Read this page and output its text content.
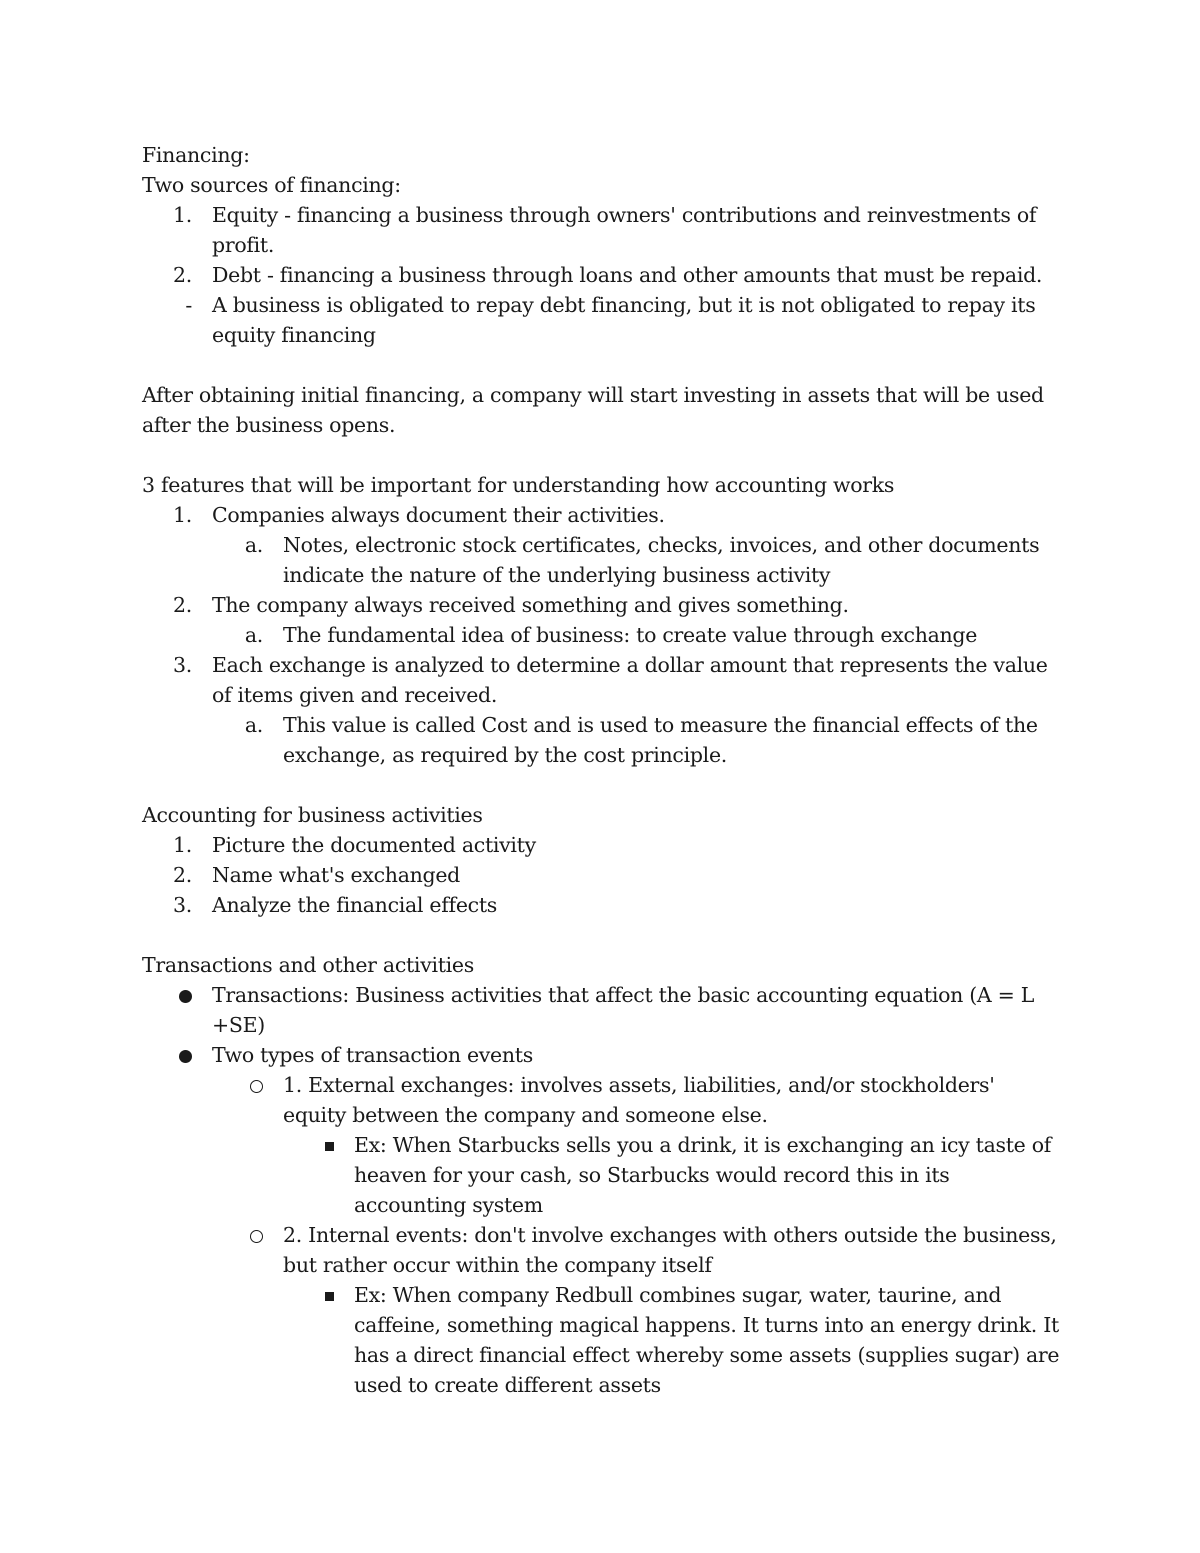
Financing:

Two sources of financing:

1. Equity - financing a business through owners' contributions and reinvestments of profit.
2. Debt - financing a business through loans and other amounts that must be repaid.
- A business is obligated to repay debt financing, but it is not obligated to repay its equity financing

After obtaining initial financing, a company will start investing in assets that will be used after the business opens.

3 features that will be important for understanding how accounting works

1. Companies always document their activities.
a. Notes, electronic stock certificates, checks, invoices, and other documents indicate the nature of the underlying business activity
2. The company always received something and gives something.
a. The fundamental idea of business: to create value through exchange
3. Each exchange is analyzed to determine a dollar amount that represents the value of items given and received.
a. This value is called Cost and is used to measure the financial effects of the exchange, as required by the cost principle.

Accounting for business activities

1. Picture the documented activity
2. Name what's exchanged
3. Analyze the financial effects

Transactions and other activities

Transactions: Business activities that affect the basic accounting equation (A = L +SE)
Two types of transaction events
1. External exchanges: involves assets, liabilities, and/or stockholders' equity between the company and someone else.
Ex: When Starbucks sells you a drink, it is exchanging an icy taste of heaven for your cash, so Starbucks would record this in its accounting system
2. Internal events: don't involve exchanges with others outside the business, but rather occur within the company itself
Ex: When company Redbull combines sugar, water, taurine, and caffeine, something magical happens. It turns into an energy drink. It has a direct financial effect whereby some assets (supplies sugar) are used to create different assets
